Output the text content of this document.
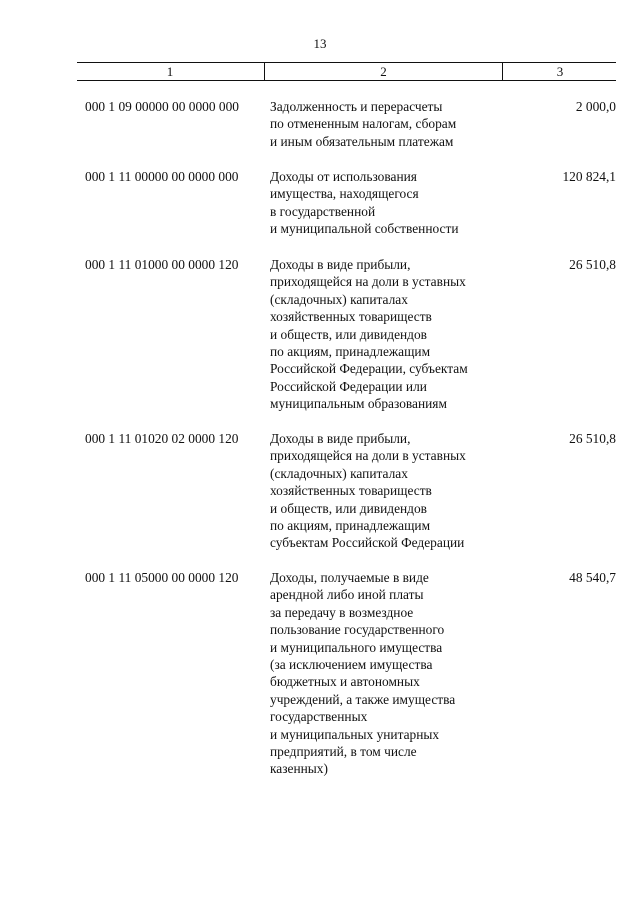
13
1	2	3
000 1 09 00000 00 0000 000 Задолженность и перерасчеты
по отмененным налогам, сборам
и иным обязательным платежам
2 000,0
000 1 11 00000 00 0000 000 Доходы от использования
имущества, находящегося
в государственной
и муниципальной собственности
120 824,1
000 1 11 01000 00 0000 120 Доходы в виде прибыли,
приходящейся на доли в уставных
(складочных) капиталах
хозяйственных товариществ
и обществ, или дивидендов
по акциям, принадлежащим
Российской Федерации, субъектам
Российской Федерации или
муниципальным образованиям
26 510,8
000 1 11 01020 02 0000 120 Доходы в виде прибыли,
приходящейся на доли в уставных
(складочных) капиталах
хозяйственных товариществ
и обществ, или дивидендов
по акциям, принадлежащим
субъектам Российской Федерации
26 510,8
000 1 11 05000 00 0000 120 Доходы, получаемые в виде
арендной либо иной платы
за передачу в возмездное
пользование государственного
и муниципального имущества
(за исключением имущества
бюджетных и автономных
учреждений, а также имущества
государственных
и муниципальных унитарных
предприятий, в том числе
казенных)
48 540,7
